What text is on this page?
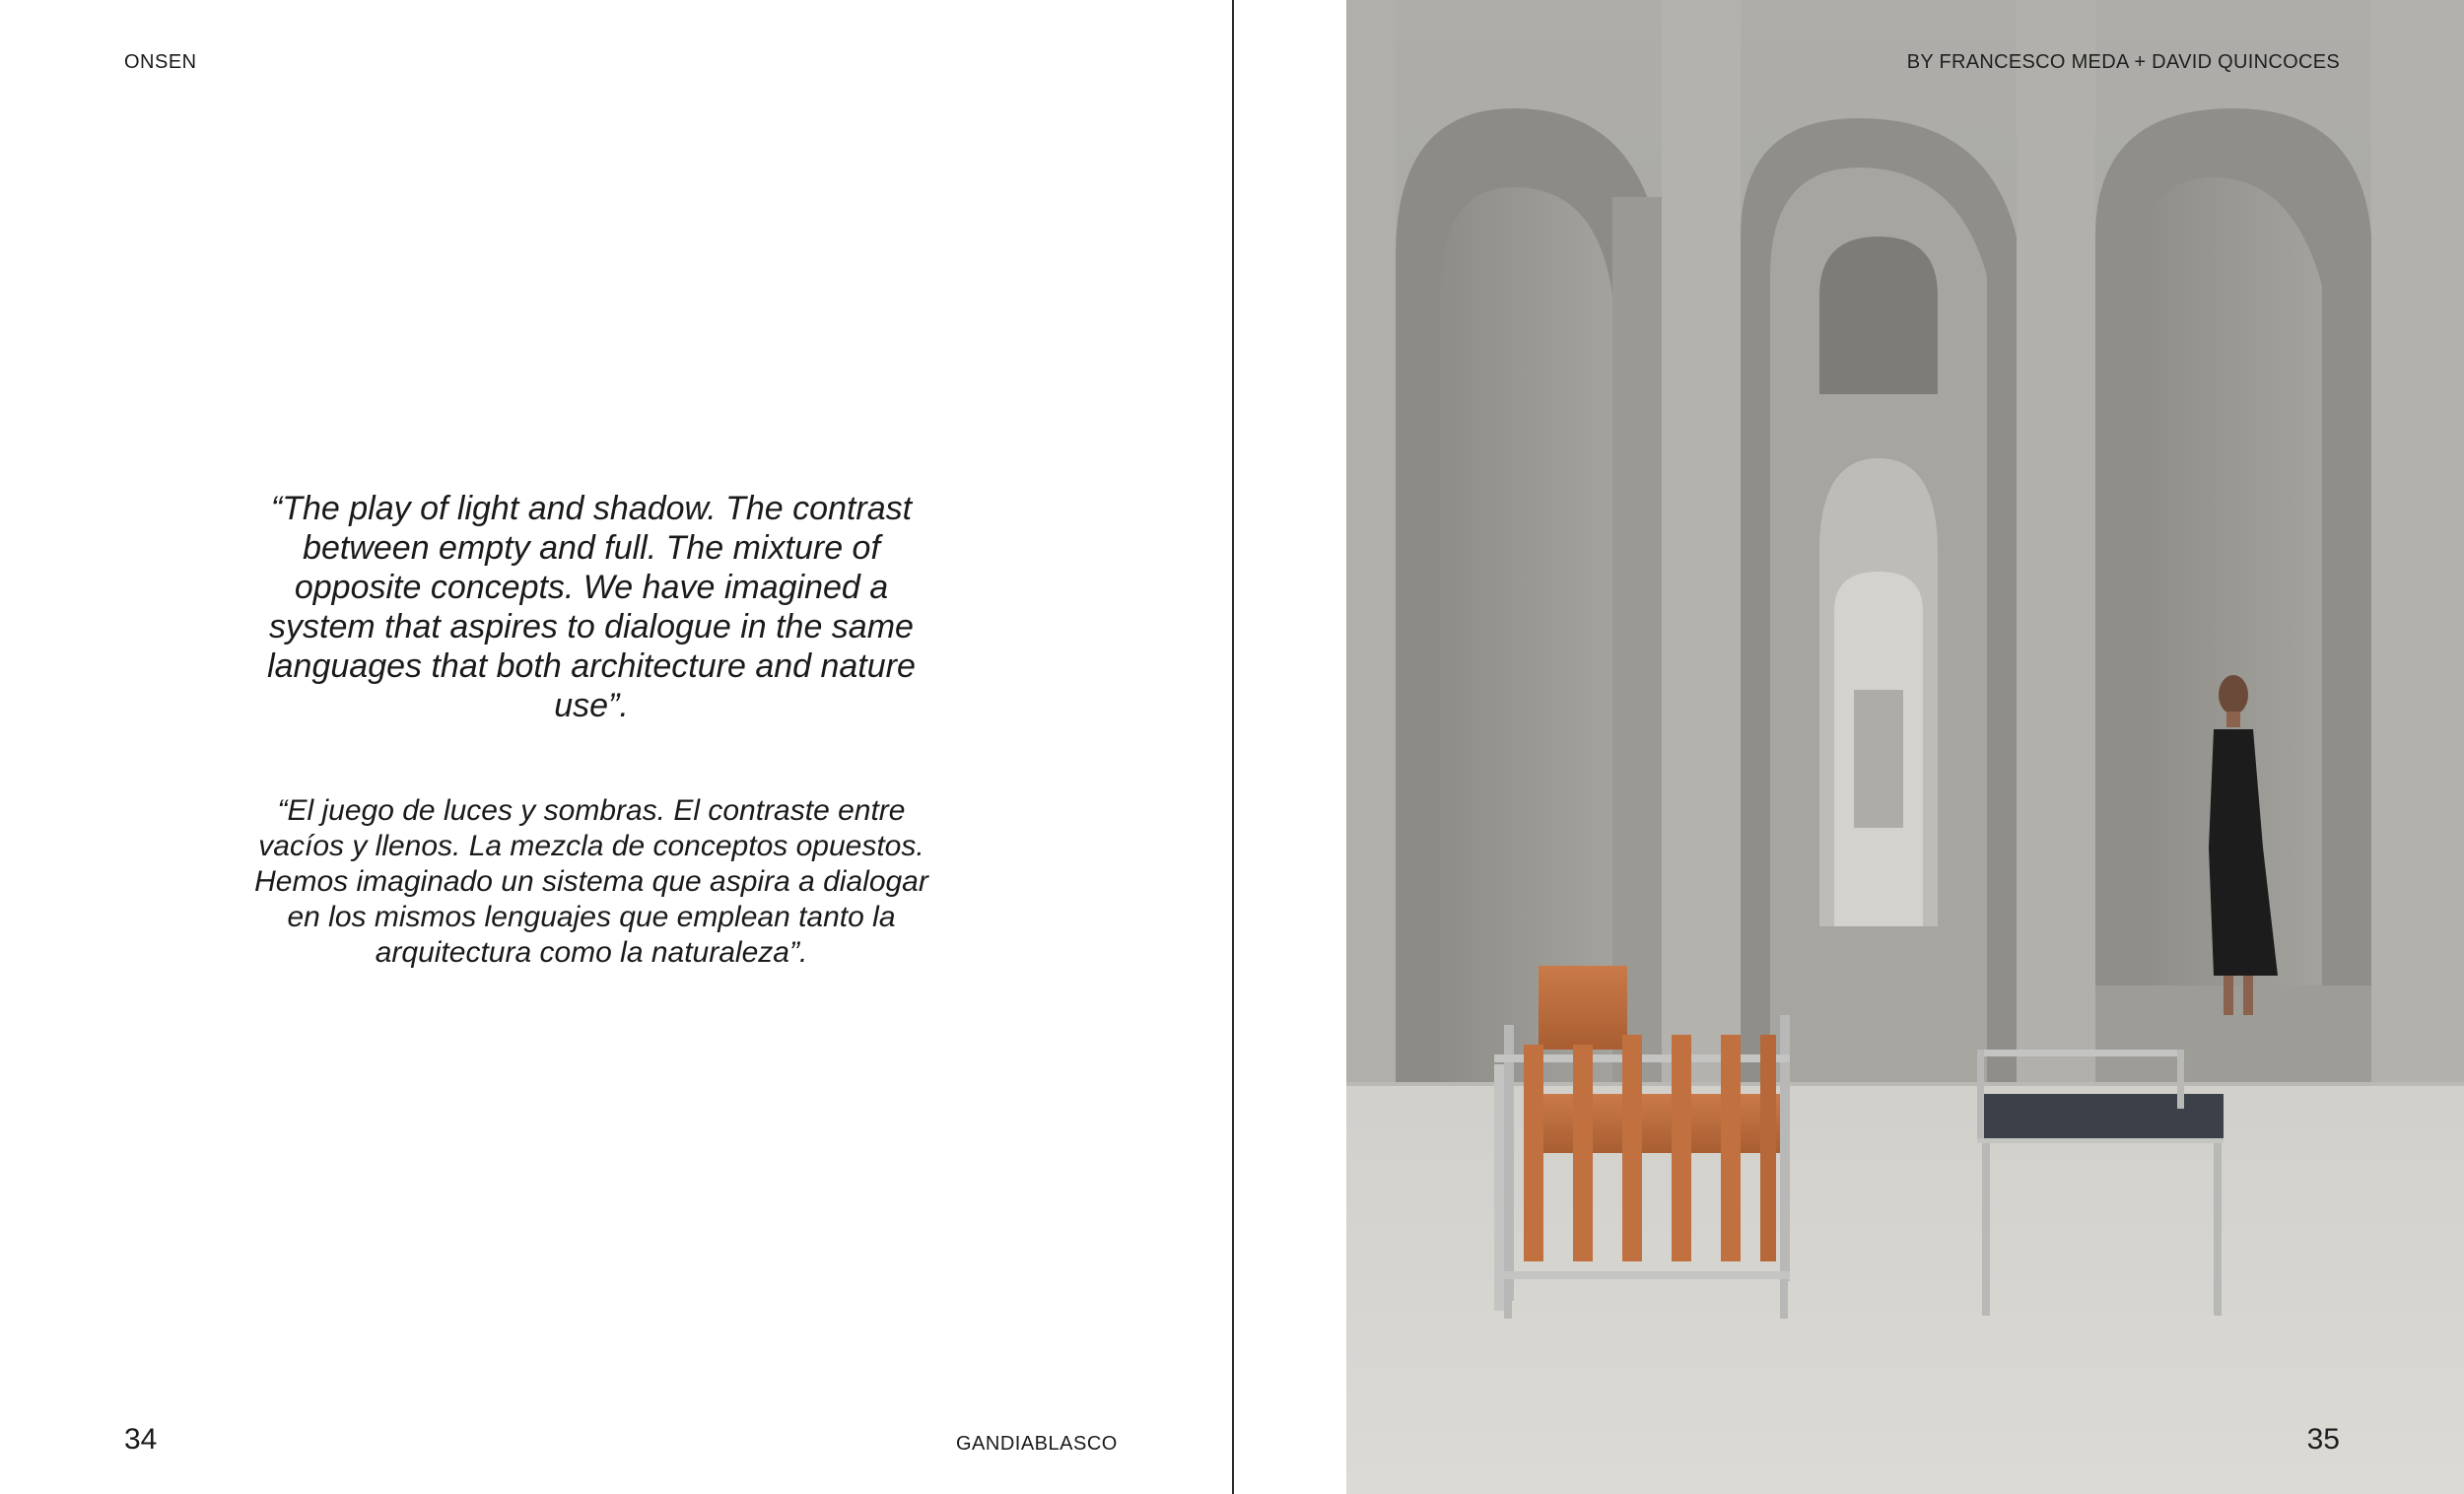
ONSEN
“The play of light and shadow. The contrast between empty and full. The mixture of opposite concepts. We have imagined a system that aspires to dialogue in the same languages that both architecture and nature use”.
“El juego de luces y sombras. El contraste entre vacíos y llenos. La mezcla de conceptos opuestos. Hemos imaginado un sistema que aspira a dialogar en los mismos lenguajes que emplean tanto la arquitectura como la naturaleza”.
34	GANDIABLASCO
BY FRANCESCO MEDA + DAVID QUINCOCES
35
